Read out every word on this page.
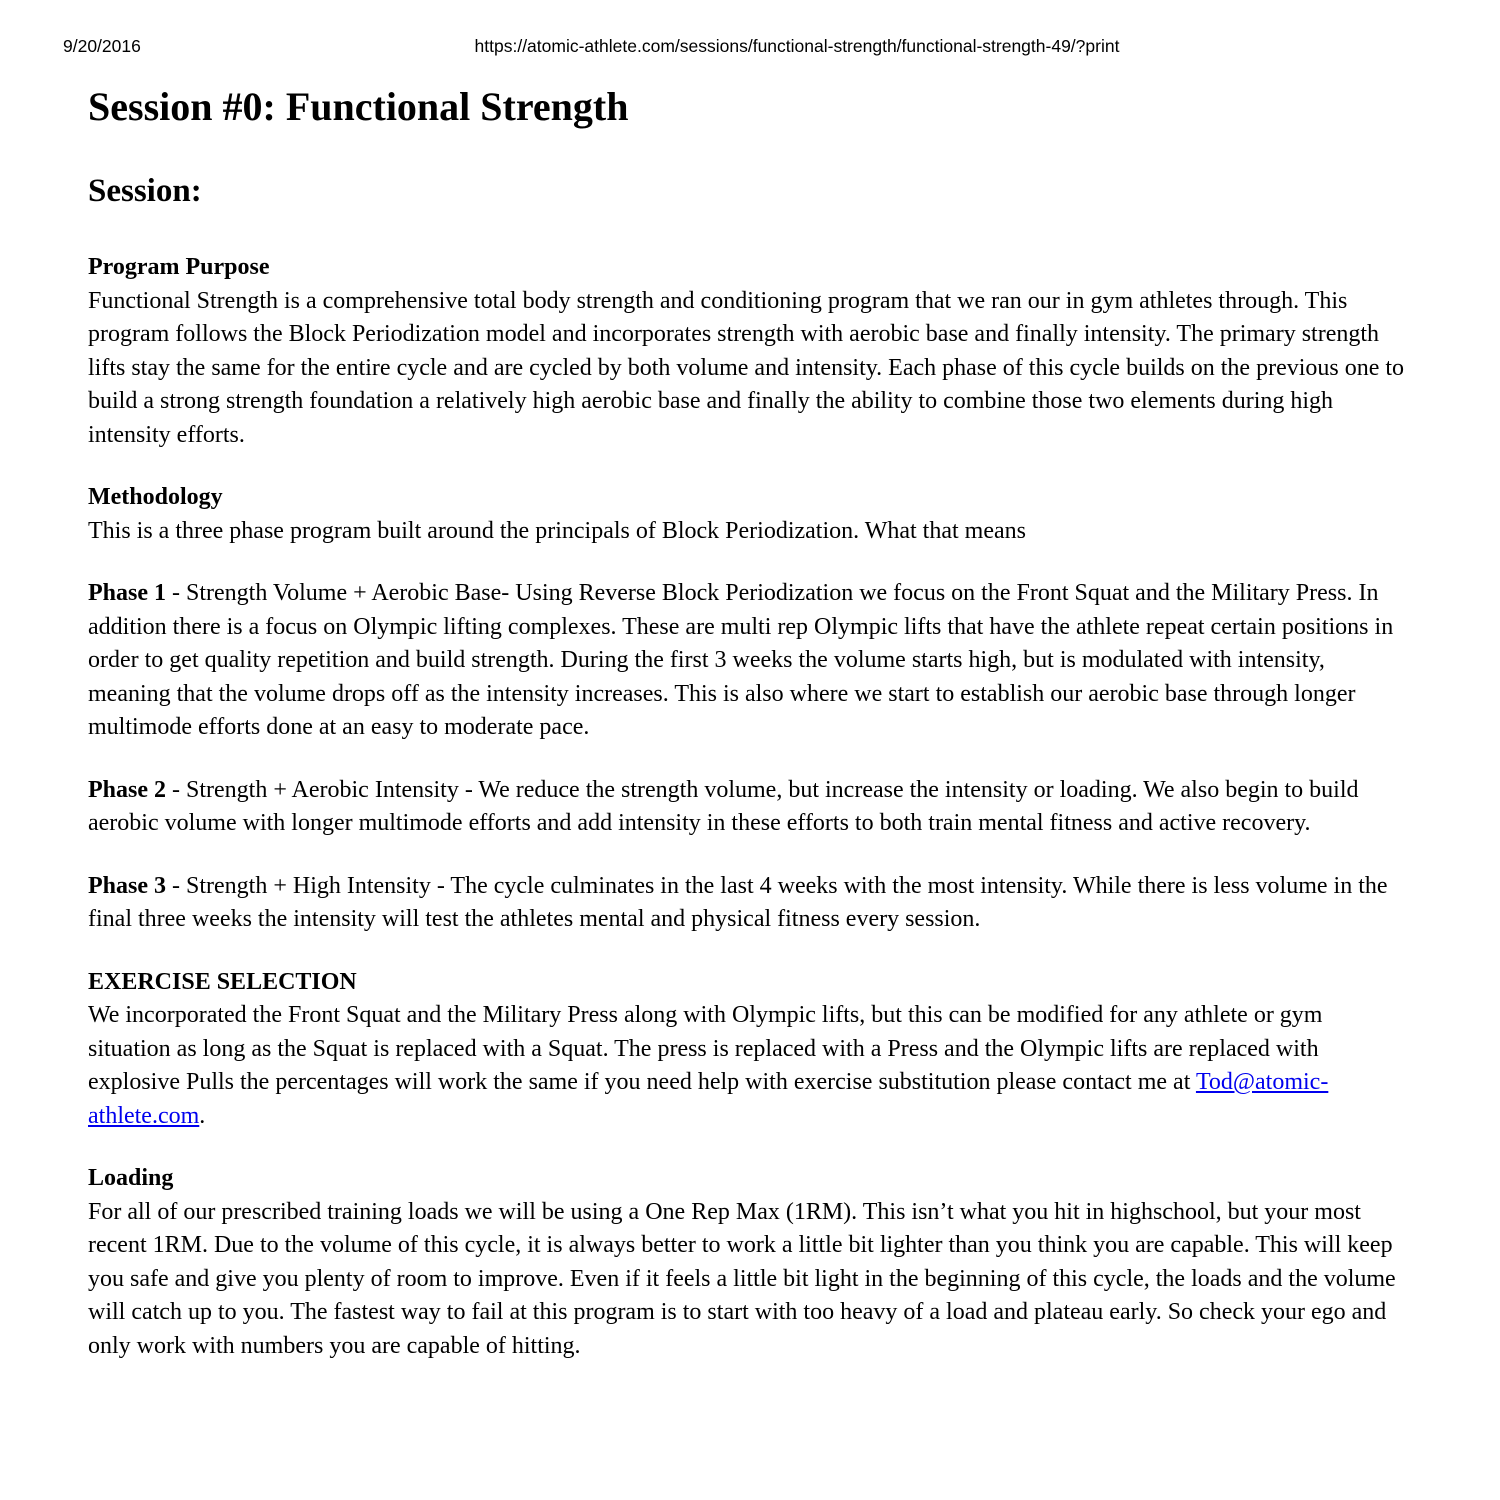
9/20/2016	https://atomic-athlete.com/sessions/functional-strength/functional-strength-49/?print
Session #0: Functional Strength
Session:

Program Purpose
Functional Strength is a comprehensive total body strength and conditioning program that we ran our in gym athletes through. This program follows the Block Periodization model and incorporates strength with aerobic base and finally intensity. The primary strength lifts stay the same for the entire cycle and are cycled by both volume and intensity. Each phase of this cycle builds on the previous one to build a strong strength foundation a relatively high aerobic base and finally the ability to combine those two elements during high intensity efforts.

Methodology
This is a three phase program built around the principals of Block Periodization. What that means

Phase 1 - Strength Volume + Aerobic Base- Using Reverse Block Periodization we focus on the Front Squat and the Military Press. In addition there is a focus on Olympic lifting complexes. These are multi rep Olympic lifts that have the athlete repeat certain positions in order to get quality repetition and build strength. During the first 3 weeks the volume starts high, but is modulated with intensity, meaning that the volume drops off as the intensity increases. This is also where we start to establish our aerobic base through longer multimode efforts done at an easy to moderate pace.

Phase 2 - Strength + Aerobic Intensity - We reduce the strength volume, but increase the intensity or loading. We also begin to build aerobic volume with longer multimode efforts and add intensity in these efforts to both train mental fitness and active recovery.

Phase 3 - Strength + High Intensity - The cycle culminates in the last 4 weeks with the most intensity. While there is less volume in the final three weeks the intensity will test the athletes mental and physical fitness every session.

EXERCISE SELECTION
We incorporated the Front Squat and the Military Press along with Olympic lifts, but this can be modified for any athlete or gym situation as long as the Squat is replaced with a Squat. The press is replaced with a Press and the Olympic lifts are replaced with explosive Pulls the percentages will work the same if you need help with exercise substitution please contact me at Tod@atomic-athlete.com.

Loading
For all of our prescribed training loads we will be using a One Rep Max (1RM). This isn’t what you hit in highschool, but your most recent 1RM. Due to the volume of this cycle, it is always better to work a little bit lighter than you think you are capable. This will keep you safe and give you plenty of room to improve. Even if it feels a little bit light in the beginning of this cycle, the loads and the volume will catch up to you. The fastest way to fail at this program is to start with too heavy of a load and plateau early. So check your ego and only work with numbers you are capable of hitting.
